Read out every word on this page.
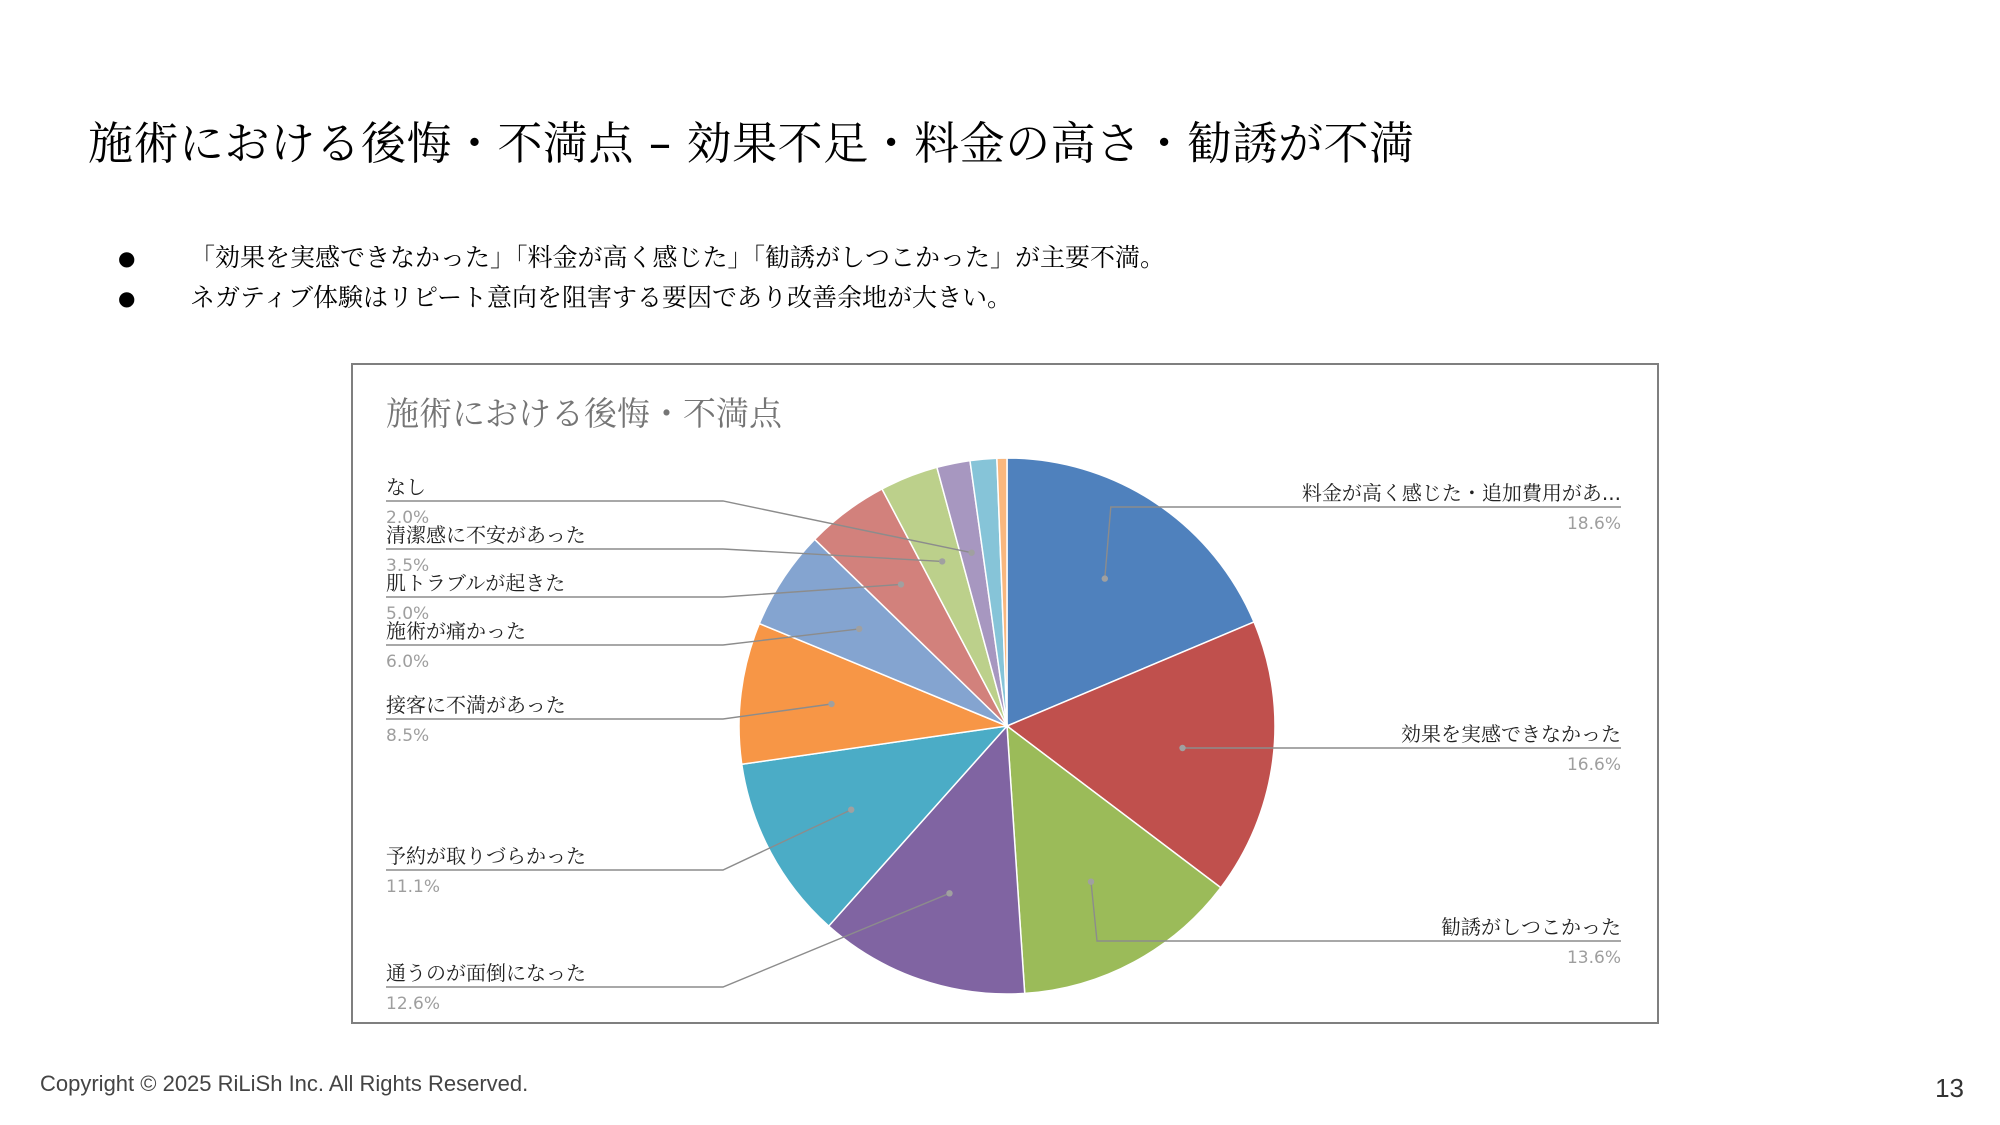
施術における後悔・不満点 – 効果不足・料金の高さ・勧誘が不満
● 「効果を実感できなかった」「料金が高く感じた」「勧誘がしつこかった」が主要不満。
● ネガティブ体験はリピート意向を阻害する要因であり改善余地が大きい。
施術における後悔・不満点
料金が高く感じた・追加費用があ...
18.6%
効果を実感できなかった
16.6%
勧誘がしつこかった
13.6%
通うのが面倒になった
12.6%
予約が取りづらかった
11.1%
接客に不満があった
8.5%
施術が痛かった
6.0%
肌トラブルが起きた
5.0%
清潔感に不安があった
3.5%
なし
2.0%
Copyright © 2025 RiLiSh Inc. All Rights Reserved.	13
